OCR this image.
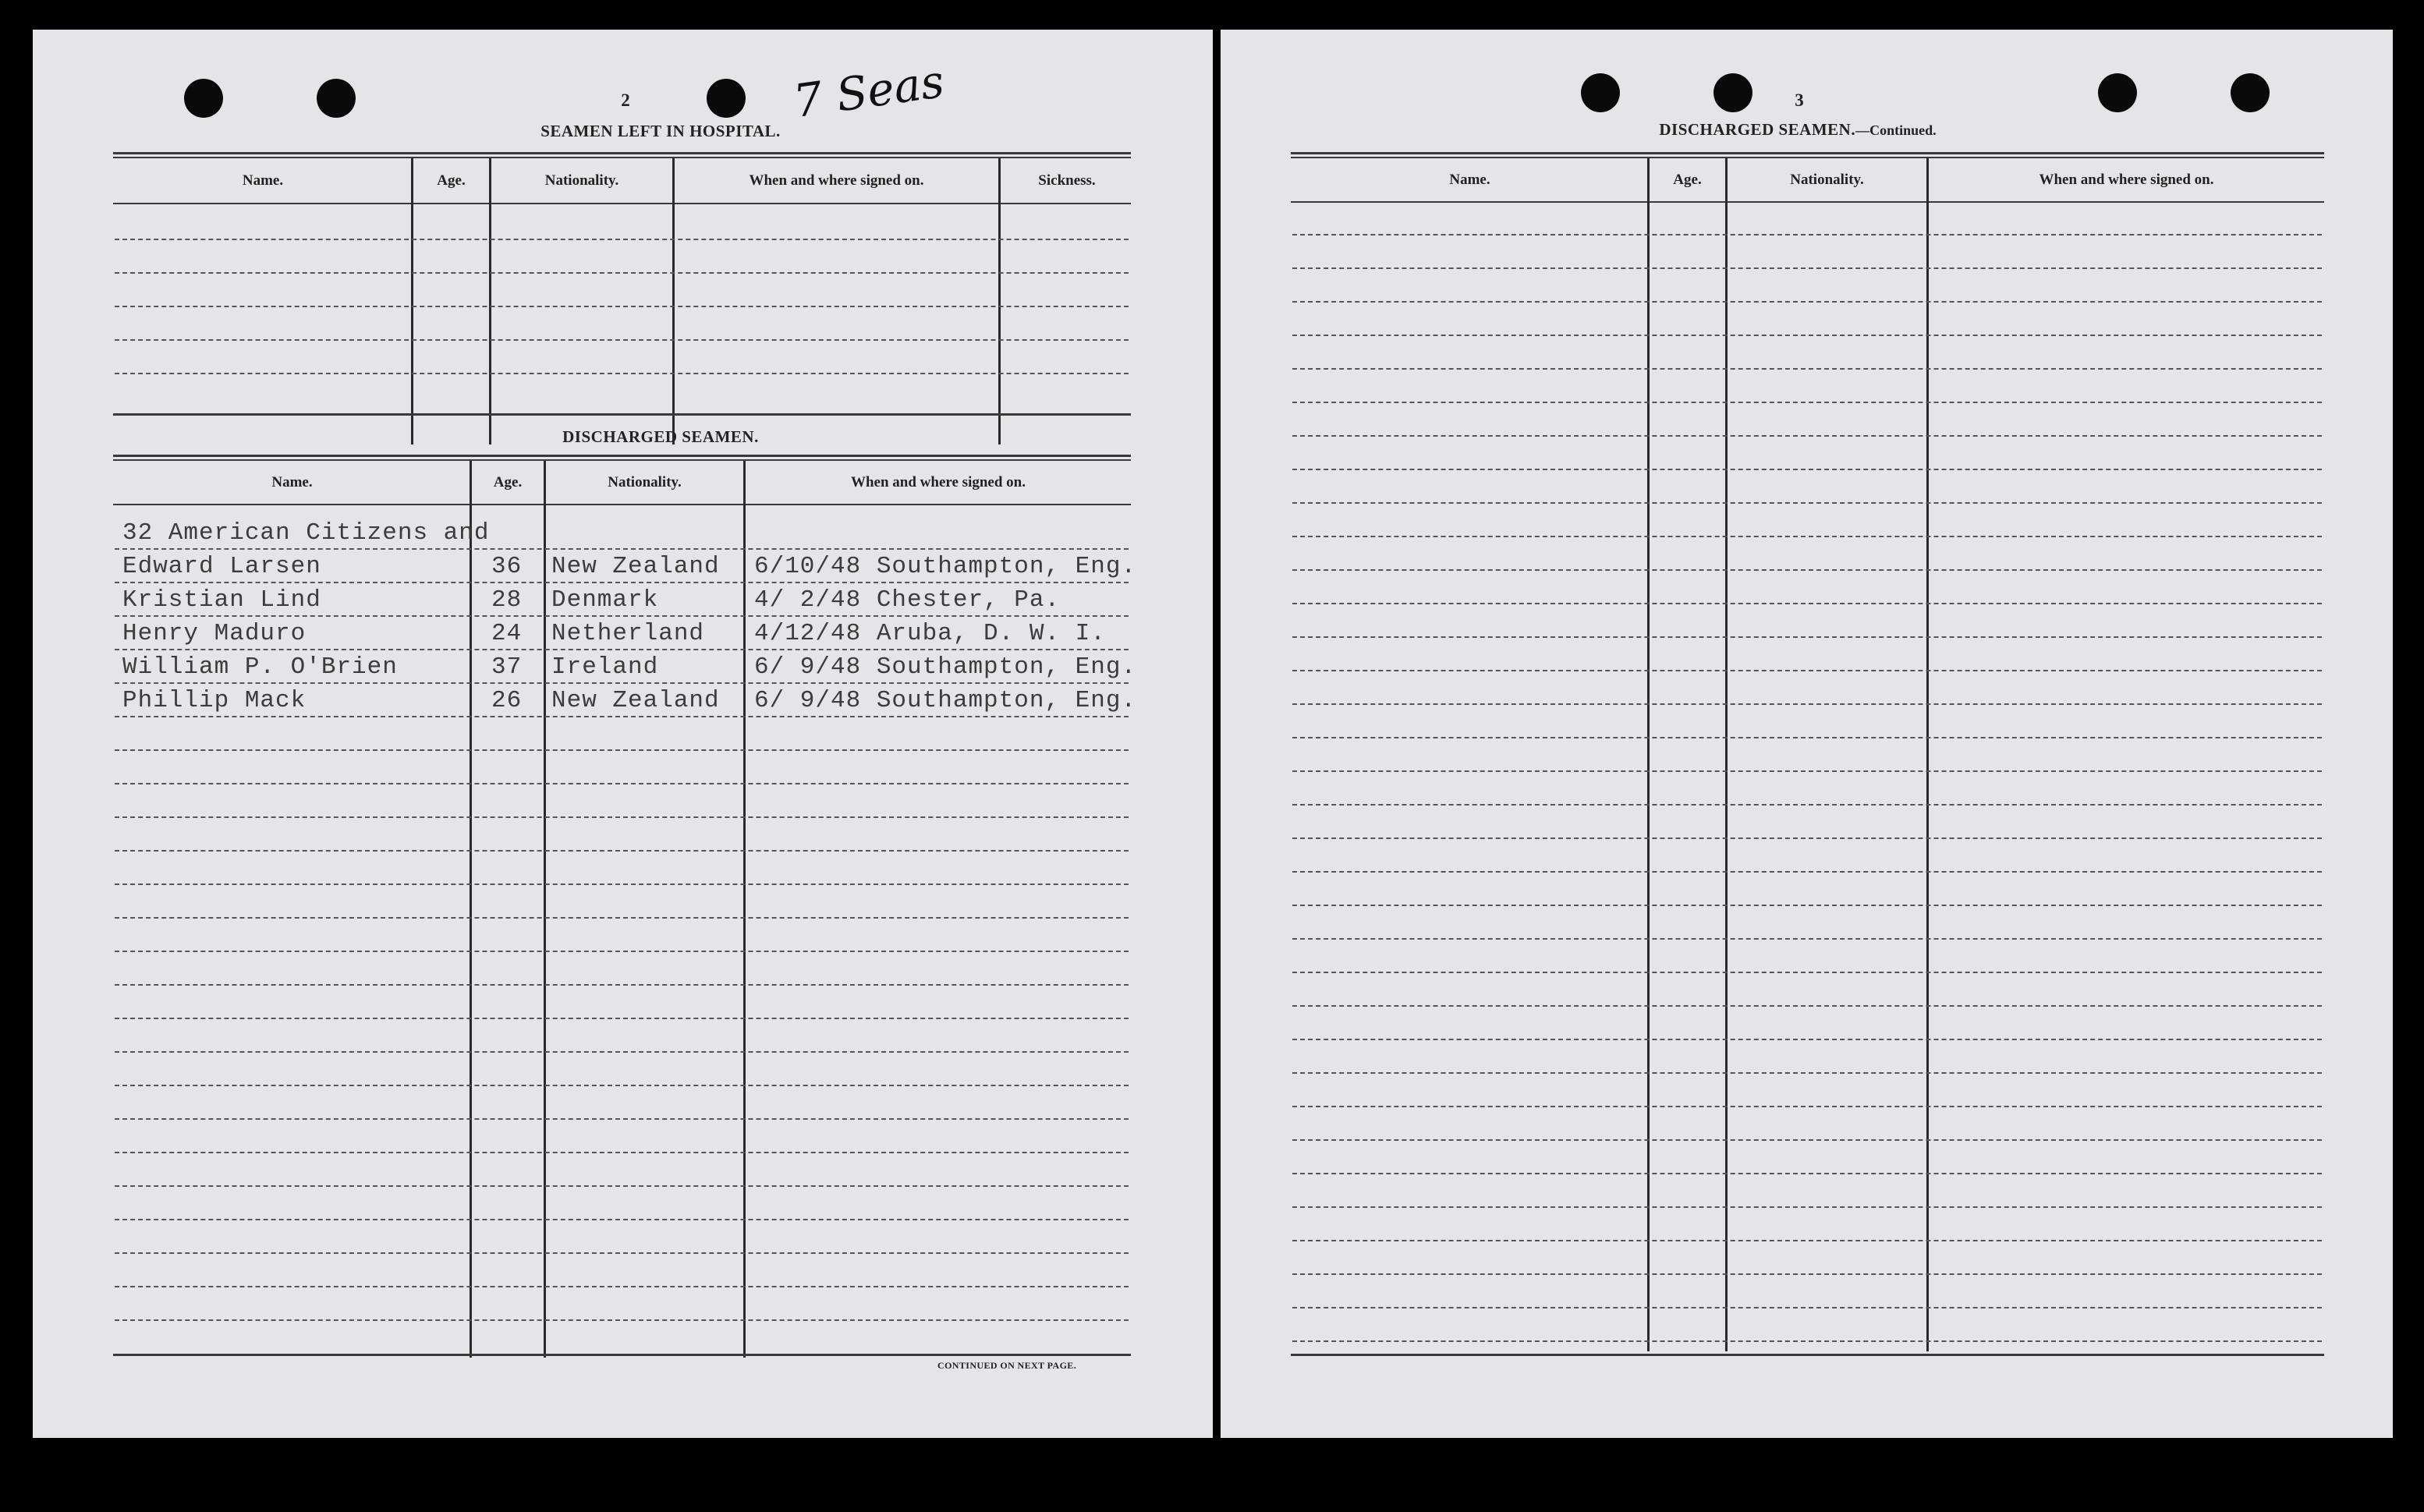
2	7 Seas
SEAMEN LEFT IN HOSPITAL.
Name.	Age.	Nationality.	When and where signed on.	Sickness.
DISCHARGED SEAMEN.
Name.	Age.	Nationality.	When and where signed on.
32 American Citizens and
Edward Larsen	36 New Zealand 6/10/48 Southampton, Eng.
Kristian Lind	28 Denmark	4/ 2/48 Chester, Pa.
Henry Maduro	24 Netherland 4/12/48 Aruba, D. W. I.
William P. O'Brien	37 Ireland	6/ 9/48 Southampton, Eng.
Phillip Mack	26 New Zealand 6/ 9/48 Southampton, Eng.
CONTINUED ON NEXT PAGE.
3
DISCHARGED SEAMEN.—Continued.
Name.	Age.	Nationality.	When and where signed on.
